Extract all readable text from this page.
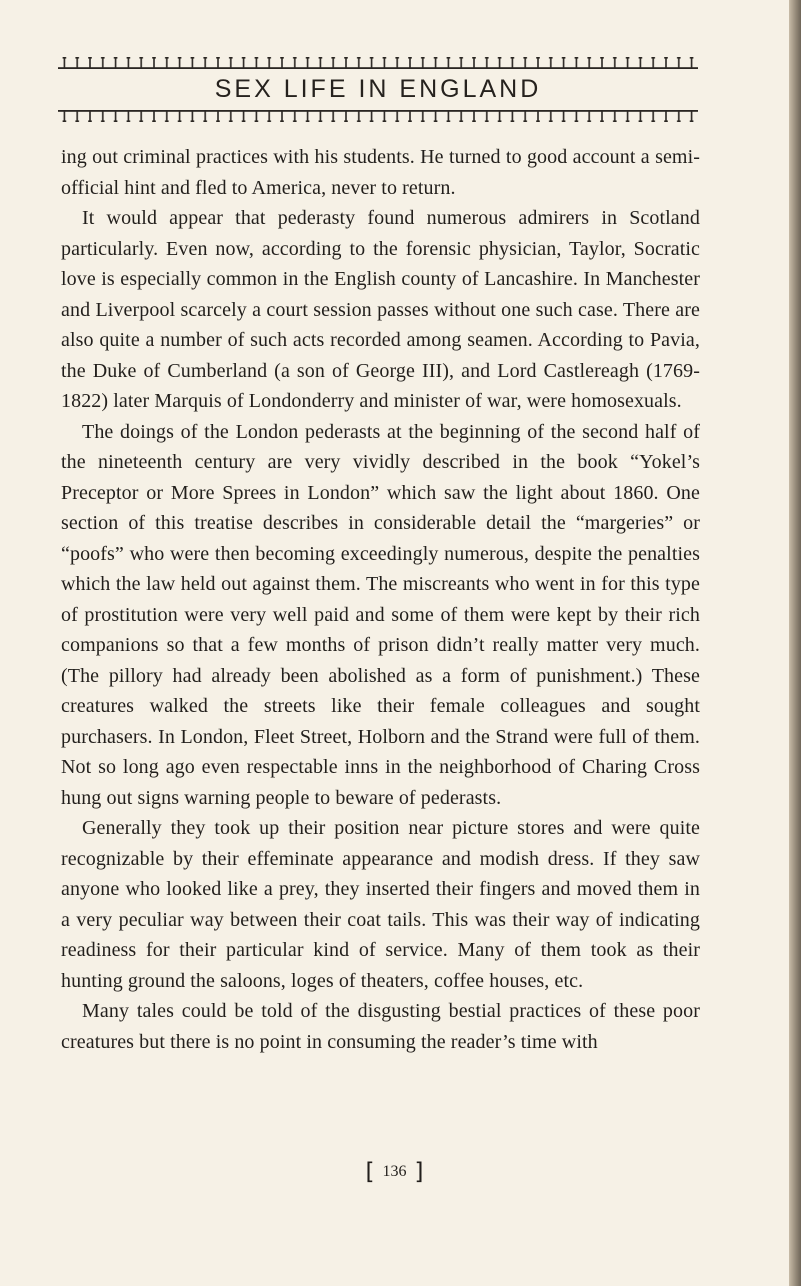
SEX LIFE IN ENGLAND

ing out criminal practices with his students. He turned to good account a semi-official hint and fled to America, never to return.

It would appear that pederasty found numerous admirers in Scotland particularly. Even now, according to the forensic physician, Taylor, Socratic love is especially common in the English county of Lancashire. In Manchester and Liverpool scarcely a court session passes without one such case. There are also quite a number of such acts recorded among seamen. According to Pavia, the Duke of Cumberland (a son of George III), and Lord Castlereagh (1769-1822) later Marquis of Londonderry and minister of war, were homosexuals.

The doings of the London pederasts at the beginning of the second half of the nineteenth century are very vividly described in the book “Yokel’s Preceptor or More Sprees in London” which saw the light about 1860. One section of this treatise describes in considerable detail the “margeries” or “poofs” who were then becoming exceedingly numerous, despite the penalties which the law held out against them. The miscreants who went in for this type of prostitution were very well paid and some of them were kept by their rich companions so that a few months of prison didn’t really matter very much. (The pillory had already been abolished as a form of punishment.) These creatures walked the streets like their female colleagues and sought purchasers. In London, Fleet Street, Holborn and the Strand were full of them. Not so long ago even respectable inns in the neighborhood of Charing Cross hung out signs warning people to beware of pederasts.

Generally they took up their position near picture stores and were quite recognizable by their effeminate appearance and modish dress. If they saw anyone who looked like a prey, they inserted their fingers and moved them in a very peculiar way between their coat tails. This was their way of indicating readiness for their particular kind of service. Many of them took as their hunting ground the saloons, loges of theaters, coffee houses, etc.

Many tales could be told of the disgusting bestial practices of these poor creatures but there is no point in consuming the reader’s time with

[ 136 ]
